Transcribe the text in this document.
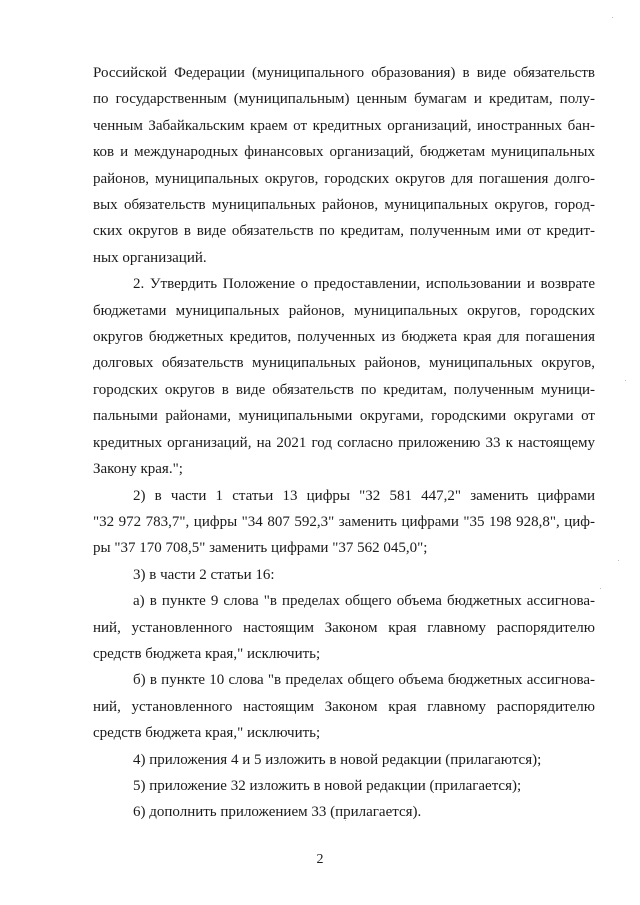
Российской Федерации (муниципального образования) в виде обязательств
по государственным (муниципальным) ценным бумагам и кредитам, полу-
ченным Забайкальским краем от кредитных организаций, иностранных бан-
ков и международных финансовых организаций, бюджетам муниципальных
районов, муниципальных округов, городских округов для погашения долго-
вых обязательств муниципальных районов, муниципальных округов, город-
ских округов в виде обязательств по кредитам, полученным ими от кредит-
ных организаций.
2. Утвердить Положение о предоставлении, использовании и возврате
бюджетами муниципальных районов, муниципальных округов, городских
округов бюджетных кредитов, полученных из бюджета края для погашения
долговых обязательств муниципальных районов, муниципальных округов,
городских округов в виде обязательств по кредитам, полученным муници-
пальными районами, муниципальными округами, городскими округами от
кредитных организаций, на 2021 год согласно приложению 33 к настоящему
Закону края.";
2) в части 1 статьи 13 цифры "32 581 447,2" заменить цифрами
"32 972 783,7", цифры "34 807 592,3" заменить цифрами "35 198 928,8", циф-
ры "37 170 708,5" заменить цифрами "37 562 045,0";
3) в части 2 статьи 16:
а) в пункте 9 слова "в пределах общего объема бюджетных ассигнова-
ний, установленного настоящим Законом края главному распорядителю
средств бюджета края," исключить;
б) в пункте 10 слова "в пределах общего объема бюджетных ассигнова-
ний, установленного настоящим Законом края главному распорядителю
средств бюджета края," исключить;
4) приложения 4 и 5 изложить в новой редакции (прилагаются);
5) приложение 32 изложить в новой редакции (прилагается);
6) дополнить приложением 33 (прилагается).
2
